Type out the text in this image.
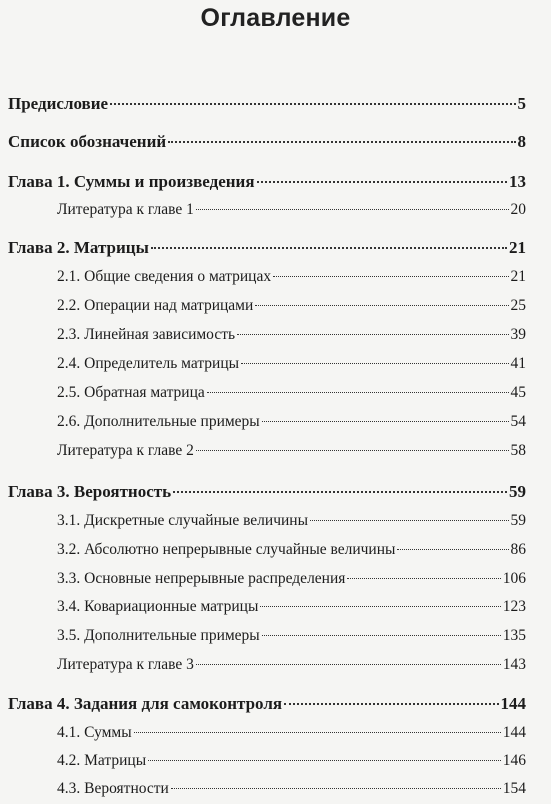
Оглавление
Предисловие	5
Список обозначений	8
Глава 1. Суммы и произведения	13
Литература к главе 1	20
Глава 2. Матрицы	21
2.1. Общие сведения о матрицах	21
2.2. Операции над матрицами	25
2.3. Линейная зависимость	39
2.4. Определитель матрицы	41
2.5. Обратная матрица	45
2.6. Дополнительные примеры	54
Литература к главе 2	58
Глава 3. Вероятность	59
3.1. Дискретные случайные величины	59
3.2. Абсолютно непрерывные случайные величины	86
3.3. Основные непрерывные распределения	106
3.4. Ковариационные матрицы	123
3.5. Дополнительные примеры	135
Литература к главе 3	143
Глава 4. Задания для самоконтроля	144
4.1. Суммы	144
4.2. Матрицы	146
4.3. Вероятности	154
